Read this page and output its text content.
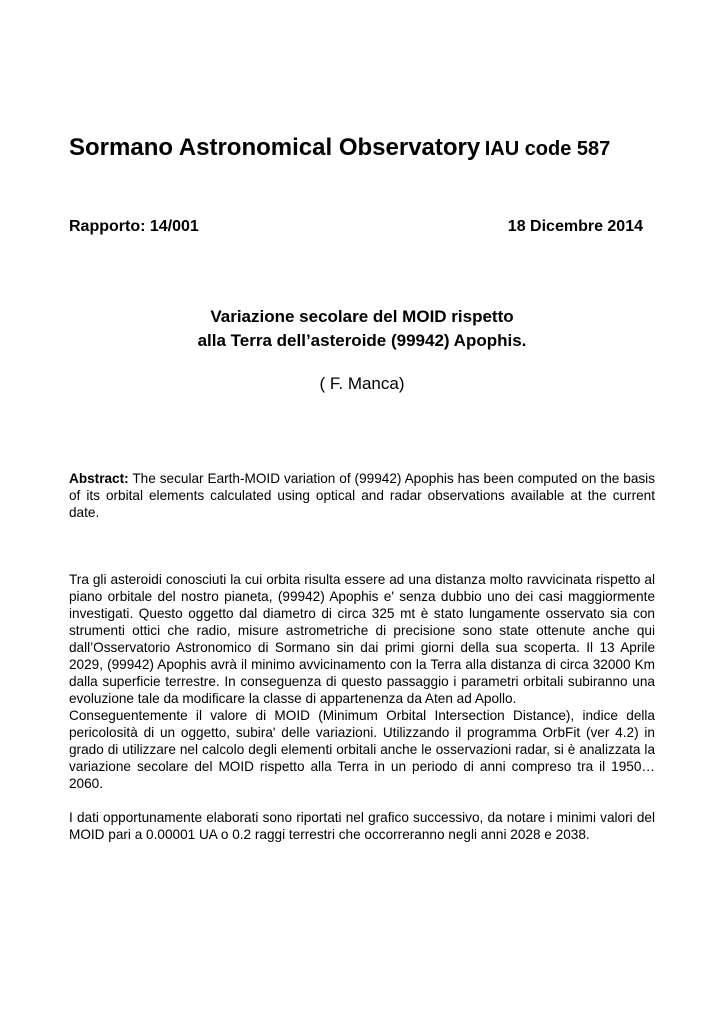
Sormano Astronomical Observatory IAU code 587
Rapporto: 14/001	18 Dicembre 2014
Variazione secolare del MOID rispetto
alla Terra dell’asteroide (99942) Apophis.
( F. Manca)
Abstract: The secular Earth-MOID variation of (99942) Apophis has been computed on the basis of its orbital elements calculated using optical and radar observations available at the current date.

Tra gli asteroidi conosciuti la cui orbita risulta essere ad una distanza molto ravvicinata rispetto al piano orbitale del nostro pianeta, (99942) Apophis e' senza dubbio uno dei casi maggiormente investigati. Questo oggetto dal diametro di circa 325 mt è stato lungamente osservato sia con strumenti ottici che radio, misure astrometriche di precisione sono state ottenute anche qui dall’Osservatorio Astronomico di Sormano sin dai primi giorni della sua scoperta. Il 13 Aprile 2029, (99942) Apophis avrà il minimo avvicinamento con la Terra alla distanza di circa 32000 Km dalla superficie terrestre. In conseguenza di questo passaggio i parametri orbitali subiranno una evoluzione tale da modificare la classe di appartenenza da Aten ad Apollo.

Conseguentemente il valore di MOID (Minimum Orbital Intersection Distance), indice della pericolosità di un oggetto, subira' delle variazioni. Utilizzando il programma OrbFit (ver 4.2) in grado di utilizzare nel calcolo degli elementi orbitali anche le osservazioni radar, si è analizzata la variazione secolare del MOID rispetto alla Terra in un periodo di anni compreso tra il 1950…2060.

I dati opportunamente elaborati sono riportati nel grafico successivo, da notare i minimi valori del MOID pari a 0.00001 UA o 0.2 raggi terrestri che occorreranno negli anni 2028 e 2038.
